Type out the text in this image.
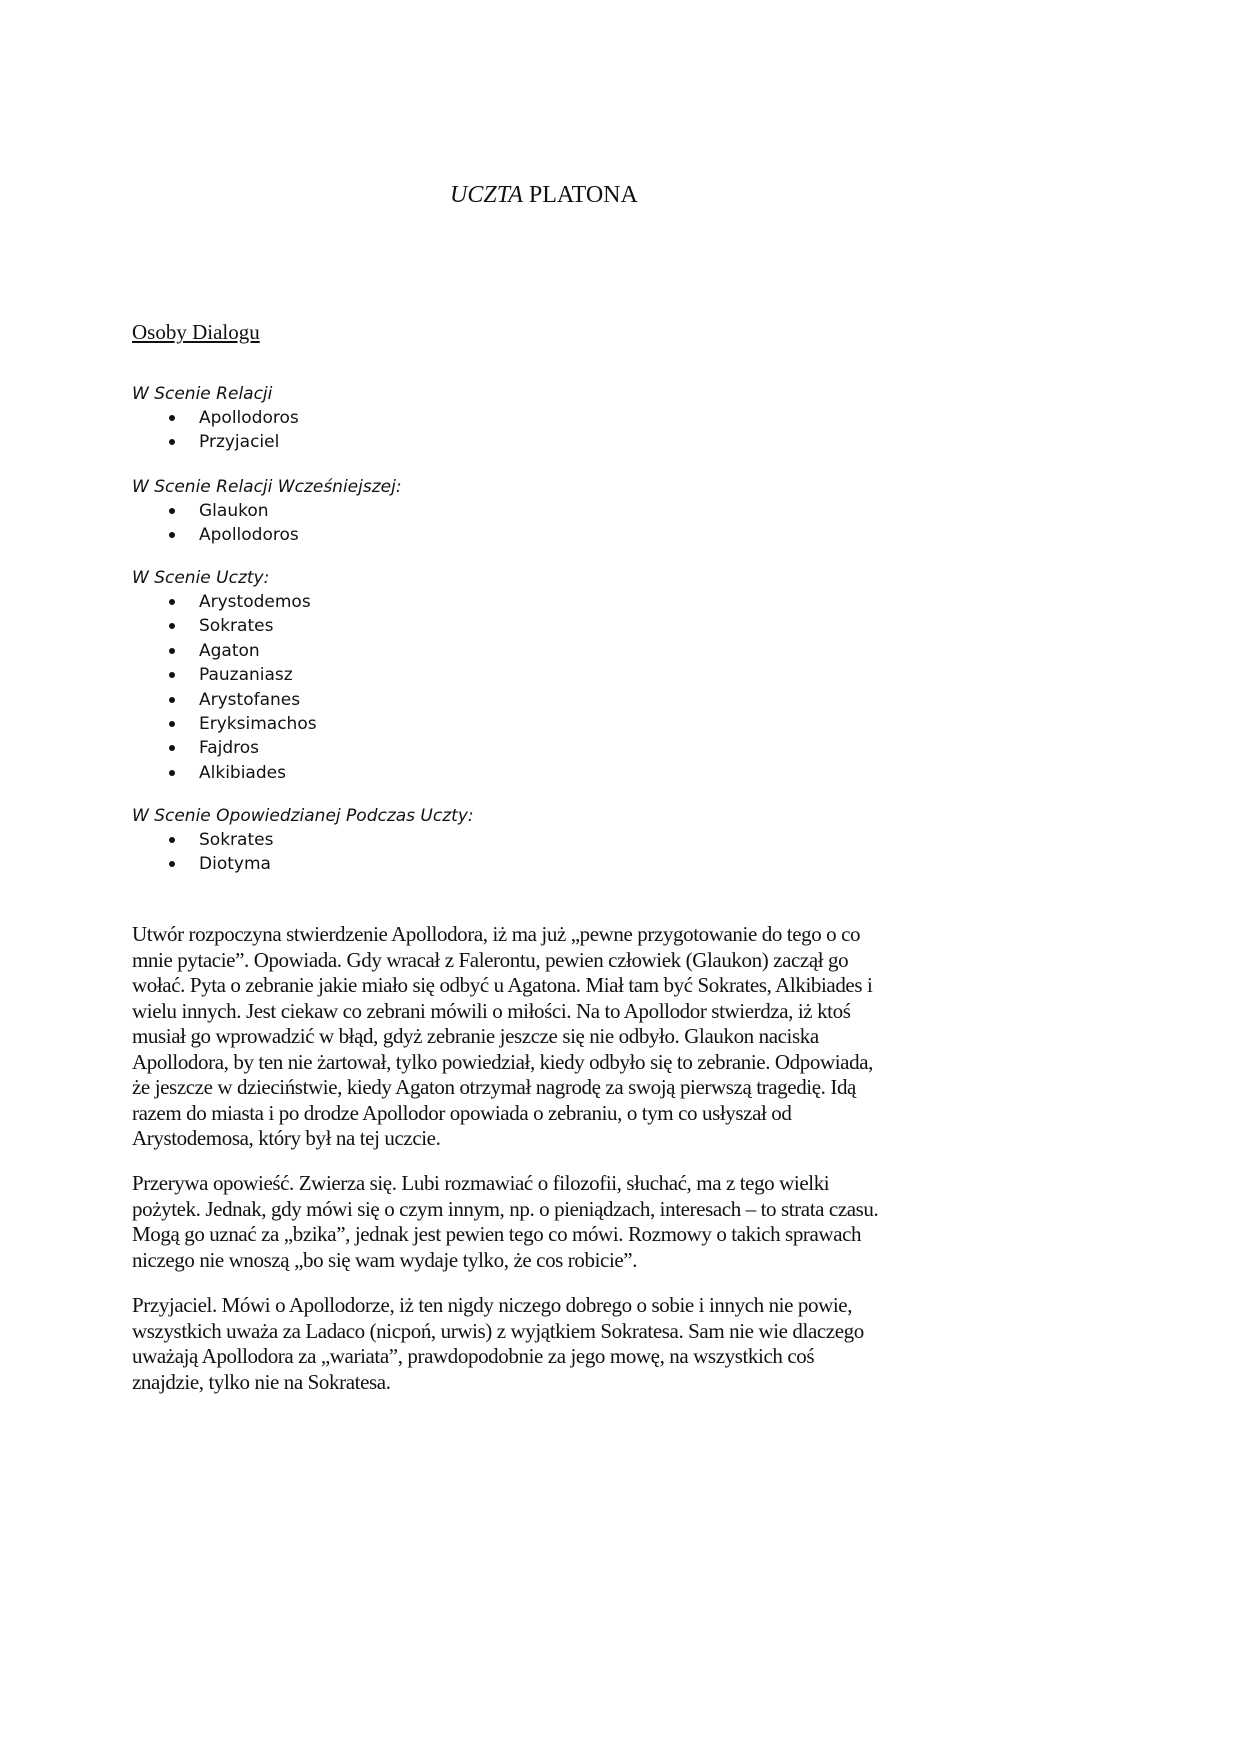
UCZTA PLATONA
Osoby Dialogu
W Scenie Relacji
Apollodoros
Przyjaciel
W Scenie Relacji Wcześniejszej:
Glaukon
Apollodoros
W Scenie Uczty:
Arystodemos
Sokrates
Agaton
Pauzaniasz
Arystofanes
Eryksimachos
Fajdros
Alkibiades
W Scenie Opowiedzianej Podczas Uczty:
Sokrates
Diotyma
Utwór rozpoczyna stwierdzenie Apollodora, iż ma już „pewne przygotowanie do tego o co
mnie pytacie”. Opowiada. Gdy wracał z Falerontu, pewien człowiek (Glaukon) zaczął go
wołać. Pyta o zebranie jakie miało się odbyć u Agatona. Miał tam być Sokrates, Alkibiades i
wielu innych. Jest ciekaw co zebrani mówili o miłości. Na to Apollodor stwierdza, iż ktoś
musiał go wprowadzić w błąd, gdyż zebranie jeszcze się nie odbyło. Glaukon naciska
Apollodora, by ten nie żartował, tylko powiedział, kiedy odbyło się to zebranie. Odpowiada,
że jeszcze w dzieciństwie, kiedy Agaton otrzymał nagrodę za swoją pierwszą tragedię. Idą
razem do miasta i po drodze Apollodor opowiada o zebraniu, o tym co usłyszał od
Arystodemosa, który był na tej uczcie.
Przerywa opowieść. Zwierza się. Lubi rozmawiać o filozofii, słuchać, ma z tego wielki
pożytek. Jednak, gdy mówi się o czym innym, np. o pieniądzach, interesach – to strata czasu.
Mogą go uznać za „bzika”, jednak jest pewien tego co mówi. Rozmowy o takich sprawach
niczego nie wnoszą „bo się wam wydaje tylko, że cos robicie”.
Przyjaciel. Mówi o Apollodorze, iż ten nigdy niczego dobrego o sobie i innych nie powie,
wszystkich uważa za Ladaco (nicpoń, urwis) z wyjątkiem Sokratesa. Sam nie wie dlaczego
uważają Apollodora za „wariata”, prawdopodobnie za jego mowę, na wszystkich coś
znajdzie, tylko nie na Sokratesa.
